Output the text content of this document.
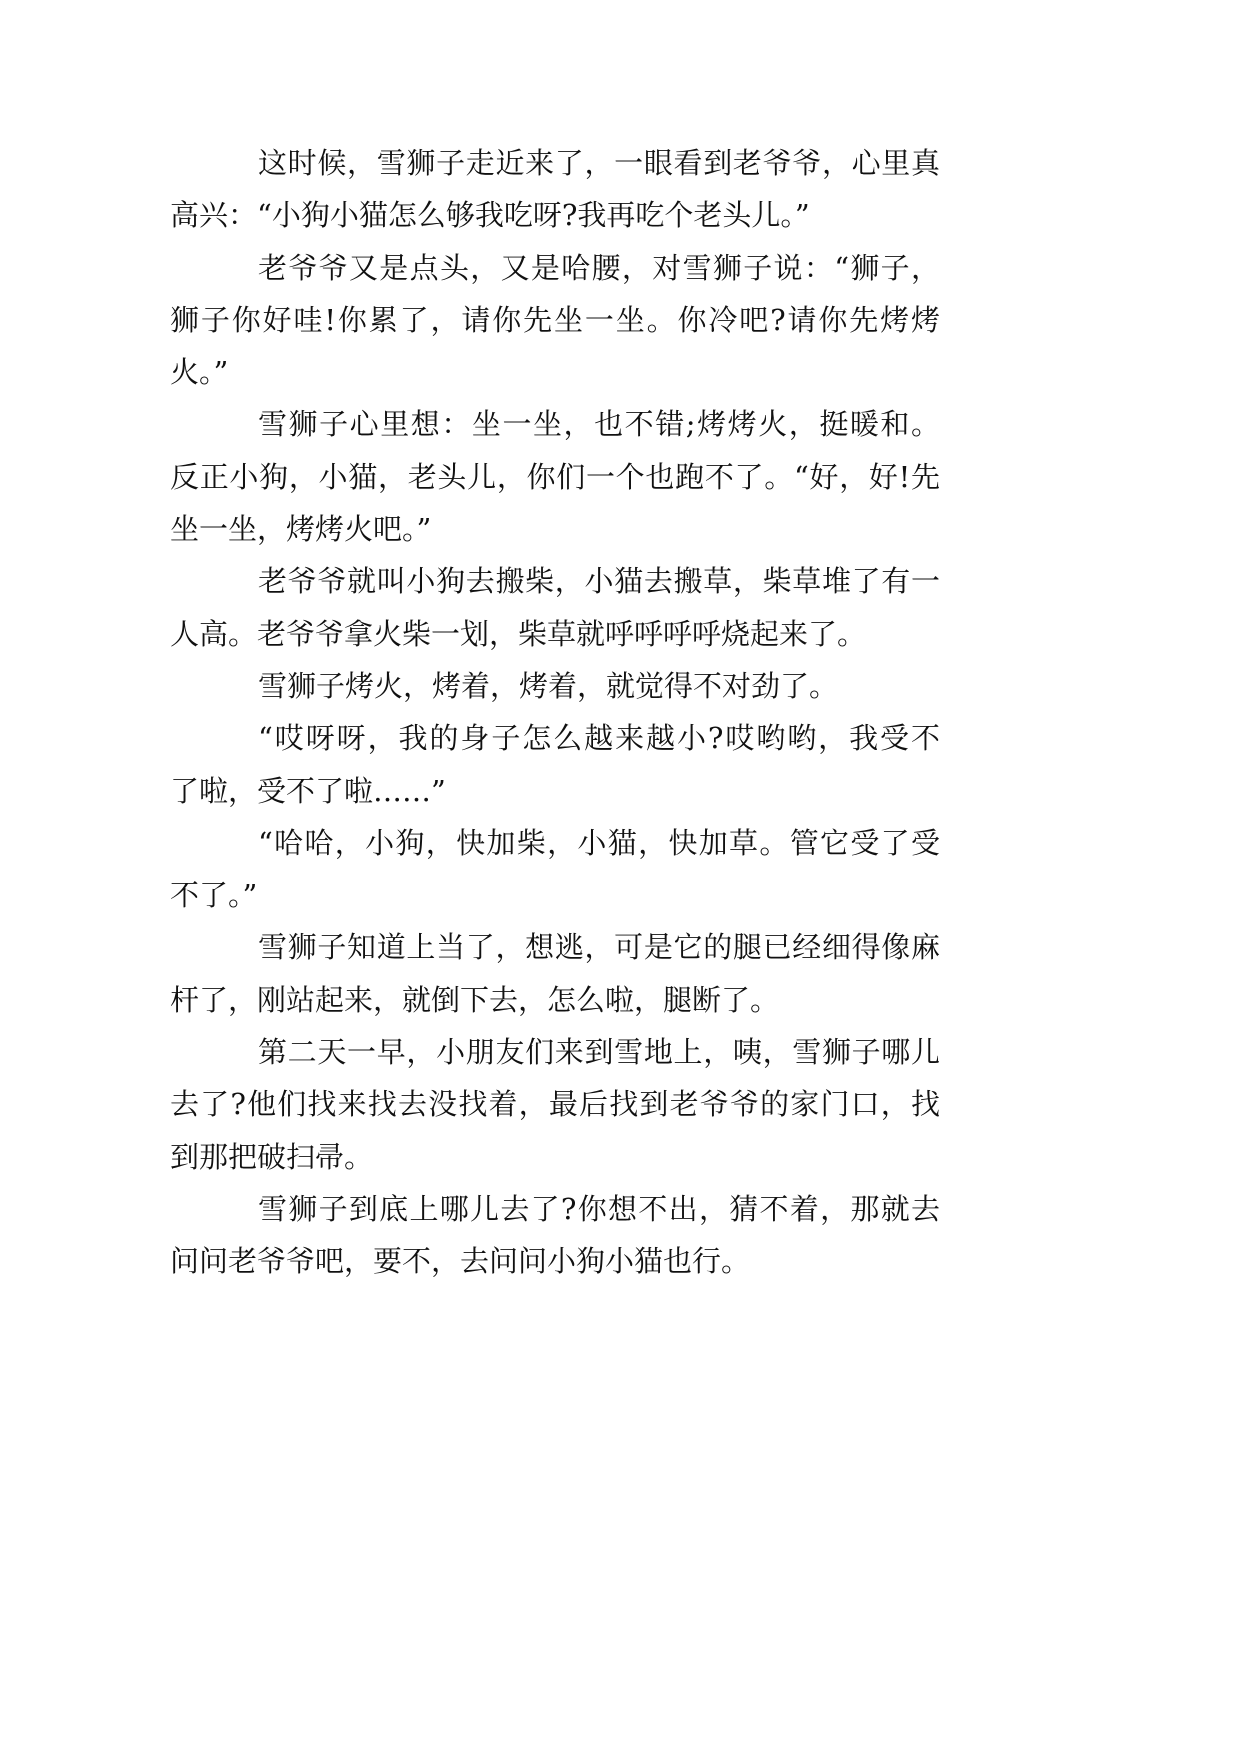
这时候，雪狮子走近来了，一眼看到老爷爷，心里真
高兴：“小狗小猫怎么够我吃呀?我再吃个老头儿。”
老爷爷又是点头，又是哈腰，对雪狮子说：“狮子，
狮子你好哇!你累了，请你先坐一坐。你冷吧?请你先烤烤
火。”
雪狮子心里想：坐一坐，也不错;烤烤火，挺暖和。
反正小狗，小猫，老头儿，你们一个也跑不了。“好，好!先
坐一坐，烤烤火吧。”
老爷爷就叫小狗去搬柴，小猫去搬草，柴草堆了有一
人高。老爷爷拿火柴一划，柴草就呼呼呼呼烧起来了。
雪狮子烤火，烤着，烤着，就觉得不对劲了。
“哎呀呀，我的身子怎么越来越小?哎哟哟，我受不
了啦，受不了啦……”
“哈哈，小狗，快加柴，小猫，快加草。管它受了受
不了。”
雪狮子知道上当了，想逃，可是它的腿已经细得像麻
杆了，刚站起来，就倒下去，怎么啦，腿断了。
第二天一早，小朋友们来到雪地上，咦，雪狮子哪儿
去了?他们找来找去没找着，最后找到老爷爷的家门口，找
到那把破扫帚。
雪狮子到底上哪儿去了?你想不出，猜不着，那就去
问问老爷爷吧，要不，去问问小狗小猫也行。
